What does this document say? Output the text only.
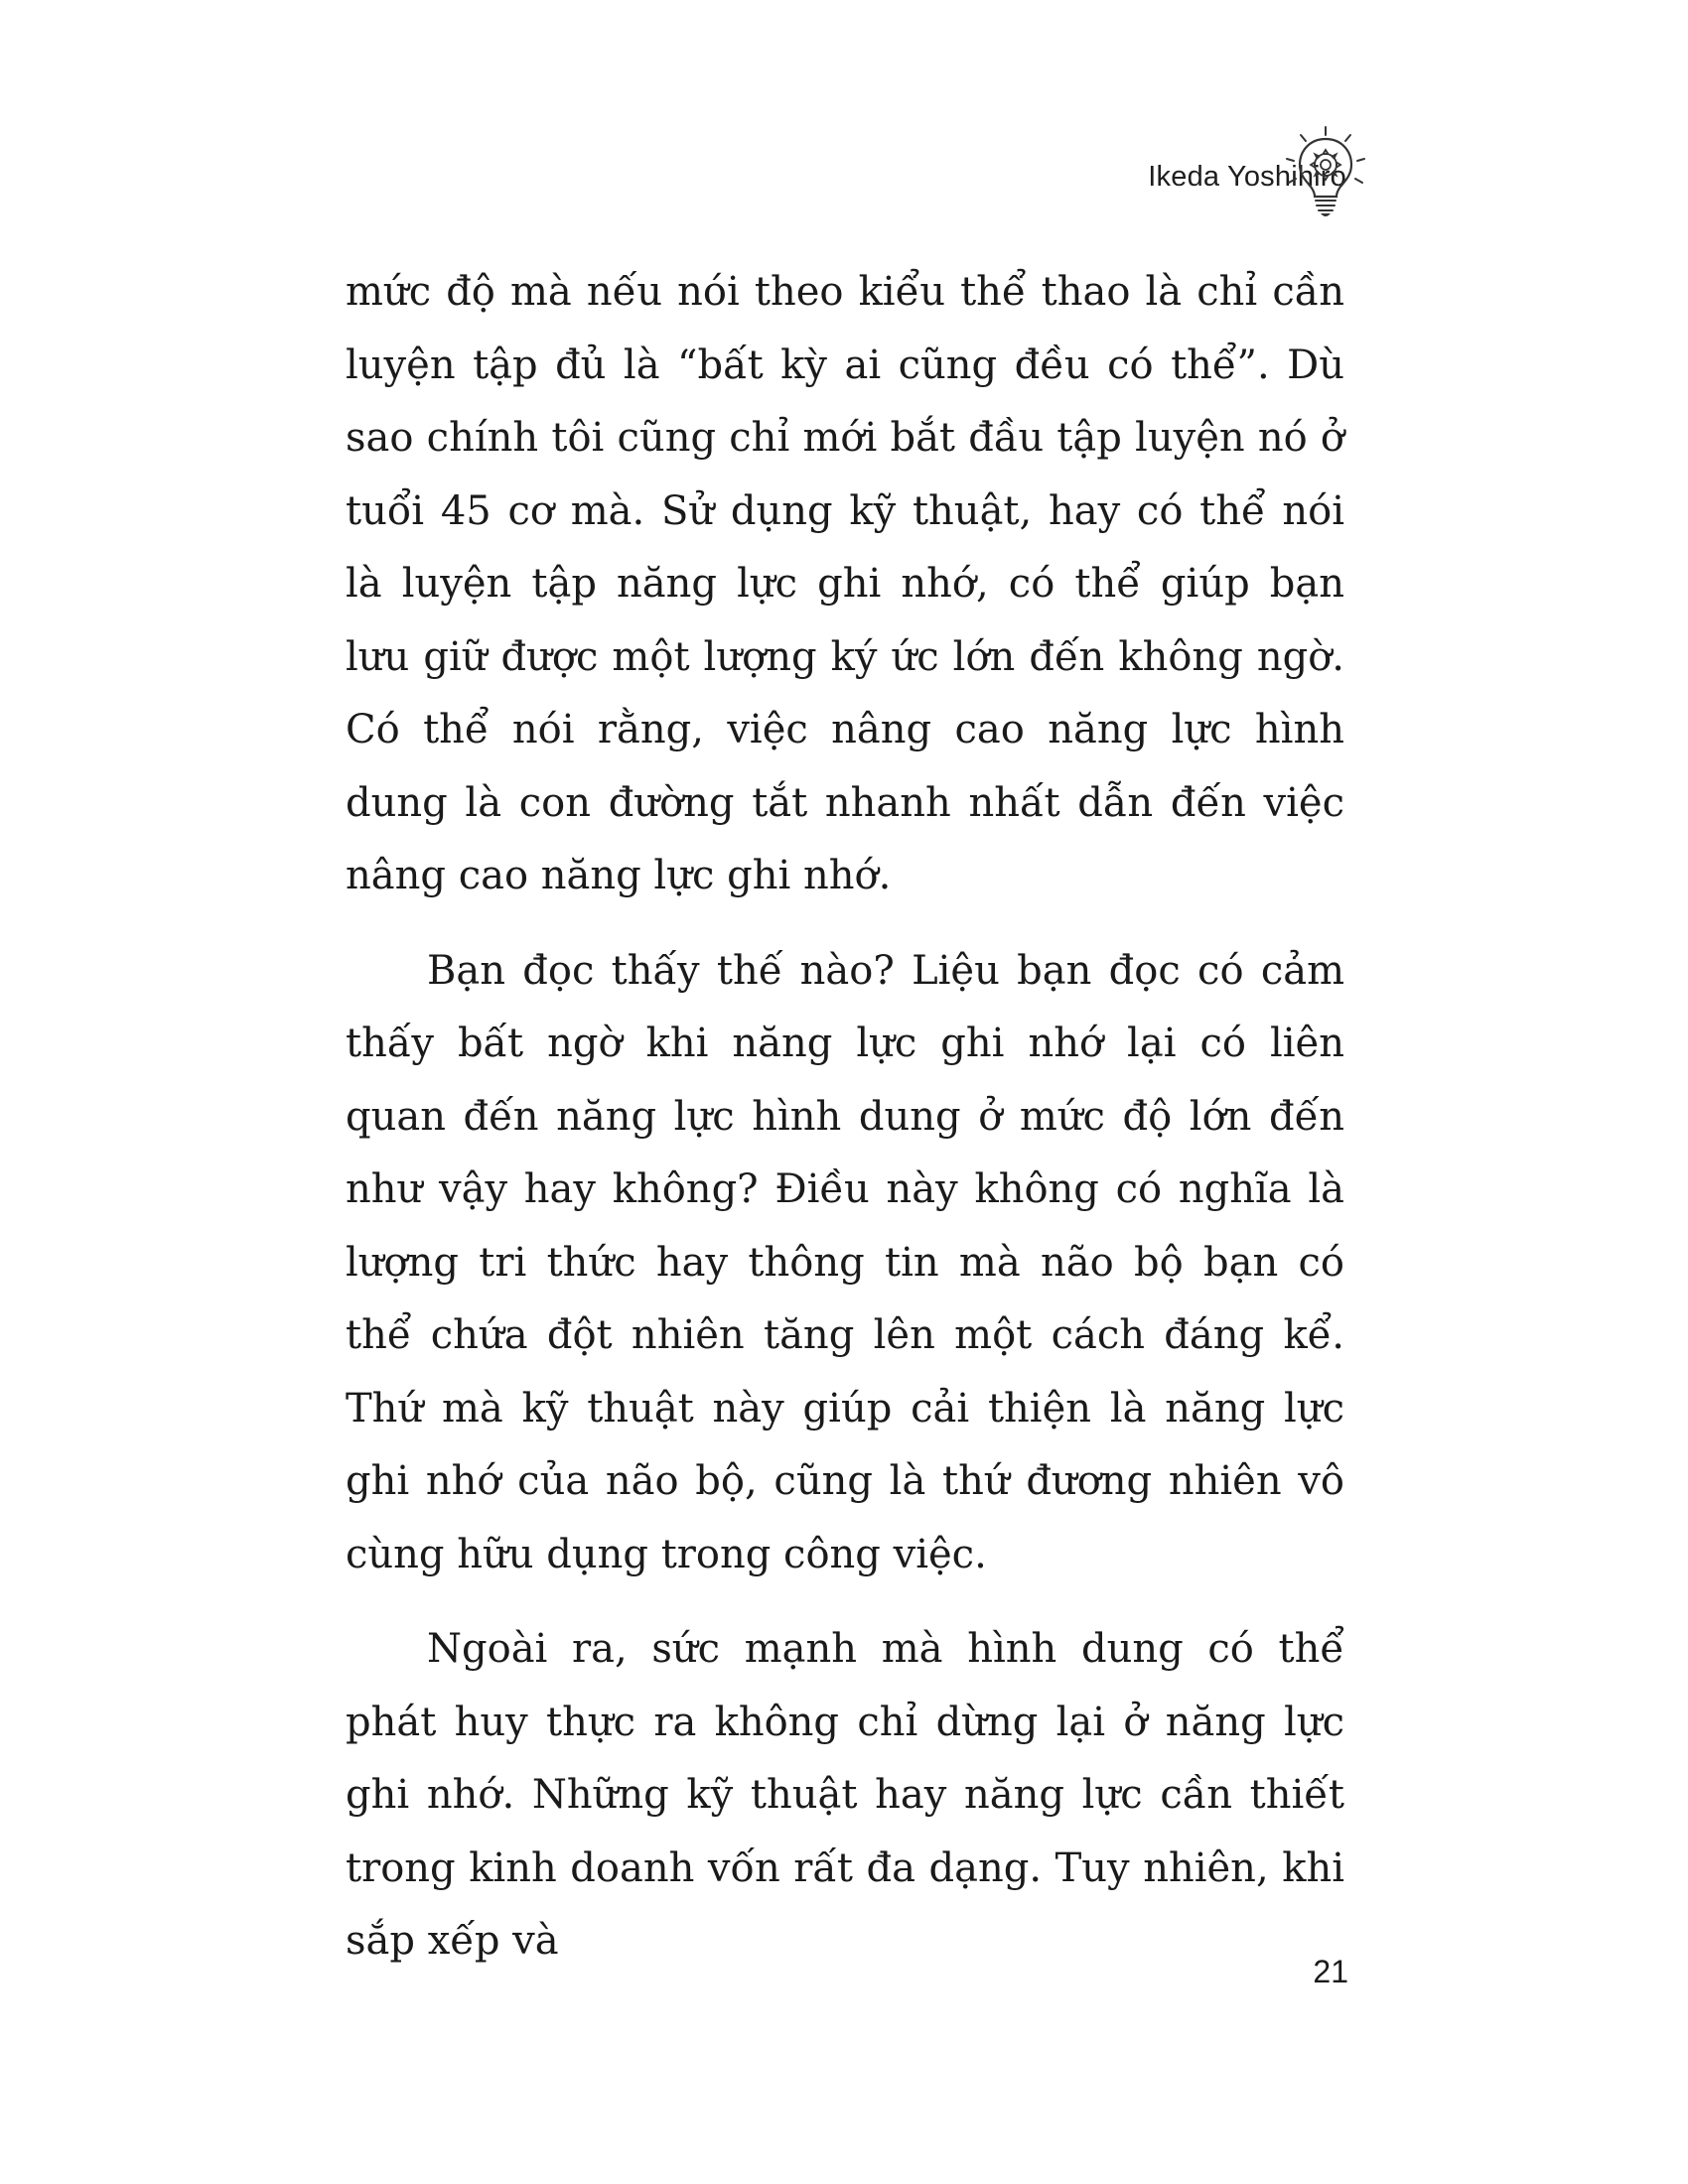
Ikeda Yoshihiro

mức độ mà nếu nói theo kiểu thể thao là chỉ cần luyện tập đủ là “bất kỳ ai cũng đều có thể”. Dù sao chính tôi cũng chỉ mới bắt đầu tập luyện nó ở tuổi 45 cơ mà. Sử dụng kỹ thuật, hay có thể nói là luyện tập năng lực ghi nhớ, có thể giúp bạn lưu giữ được một lượng ký ức lớn đến không ngờ. Có thể nói rằng, việc nâng cao năng lực hình dung là con đường tắt nhanh nhất dẫn đến việc nâng cao năng lực ghi nhớ.

Bạn đọc thấy thế nào? Liệu bạn đọc có cảm thấy bất ngờ khi năng lực ghi nhớ lại có liên quan đến năng lực hình dung ở mức độ lớn đến như vậy hay không? Điều này không có nghĩa là lượng tri thức hay thông tin mà não bộ bạn có thể chứa đột nhiên tăng lên một cách đáng kể. Thứ mà kỹ thuật này giúp cải thiện là năng lực ghi nhớ của não bộ, cũng là thứ đương nhiên vô cùng hữu dụng trong công việc.

Ngoài ra, sức mạnh mà hình dung có thể phát huy thực ra không chỉ dừng lại ở năng lực ghi nhớ. Những kỹ thuật hay năng lực cần thiết trong kinh doanh vốn rất đa dạng. Tuy nhiên, khi sắp xếp và

21
